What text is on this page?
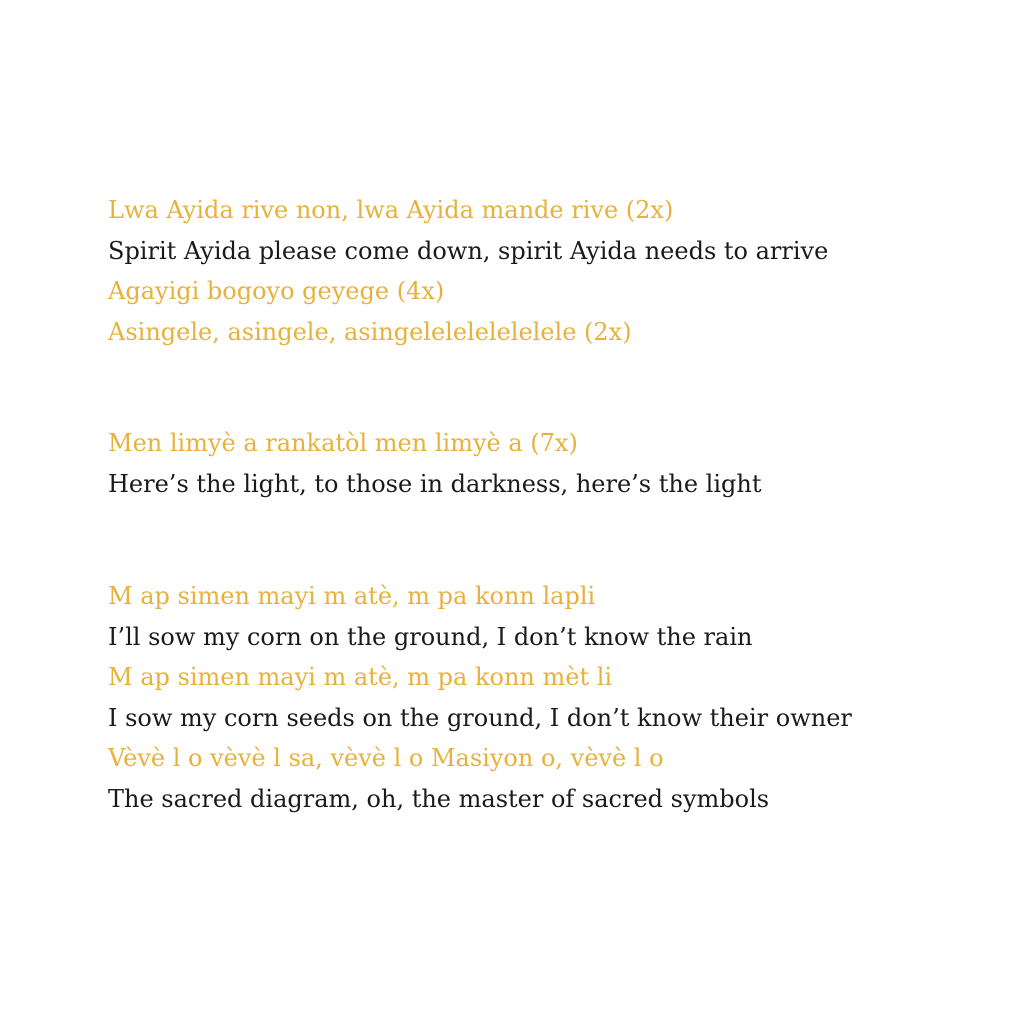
Lwa Ayida rive non, lwa Ayida mande rive (2x)

Spirit Ayida please come down, spirit Ayida needs to arrive

Agayigi bogoyo geyege (4x)

Asingele, asingele, asingelelelelelelele (2x)

Men limyè a rankatòl men limyè a (7x)

Here’s the light, to those in darkness, here’s the light

M ap simen mayi m atè, m pa konn lapli

I’ll sow my corn on the ground, I don’t know the rain

M ap simen mayi m atè, m pa konn mèt li

I sow my corn seeds on the ground, I don’t know their owner

Vèvè l o vèvè l sa, vèvè l o Masiyon o, vèvè l o

The sacred diagram, oh, the master of sacred symbols
